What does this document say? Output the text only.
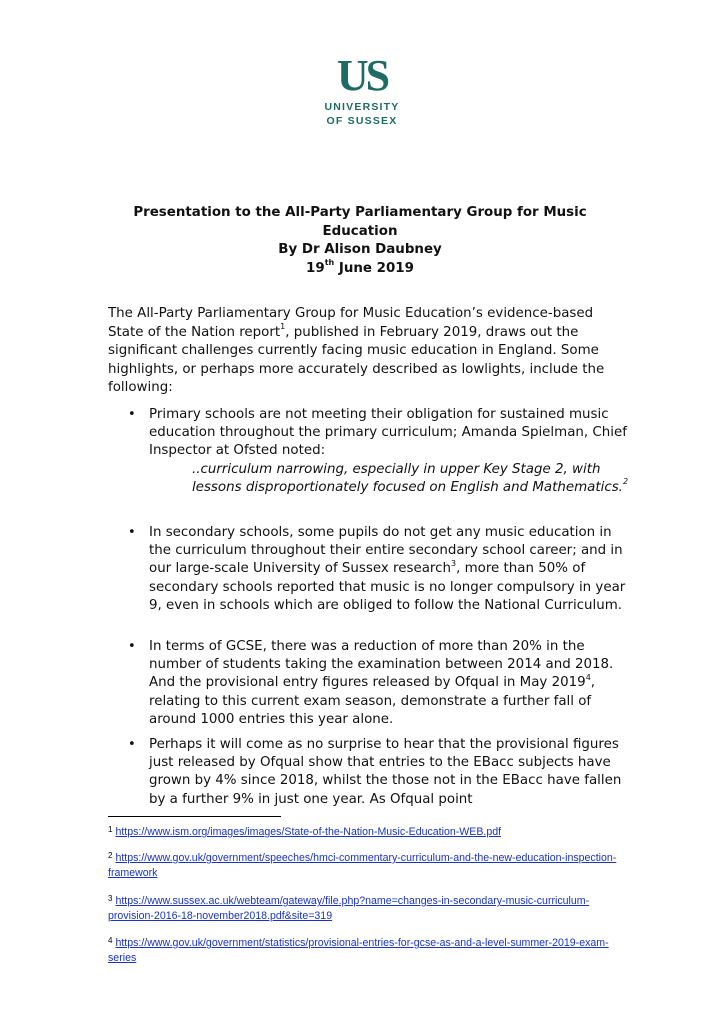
US
UNIVERSITY
OF SUSSEX
Presentation to the All-Party Parliamentary Group for Music
Education
By Dr Alison Daubney
19th June 2019
The All-Party Parliamentary Group for Music Education’s evidence-based State of the Nation report$^1$, published in February 2019, draws out the significant challenges currently facing music education in England. Some highlights, or perhaps more accurately described as lowlights, include the following:
• Primary schools are not meeting their obligation for sustained music education throughout the primary curriculum; Amanda Spielman, Chief Inspector at Ofsted noted:
..curriculum narrowing, especially in upper Key Stage 2, with lessons disproportionately focused on English and Mathematics.$^2$
• In secondary schools, some pupils do not get any music education in the curriculum throughout their entire secondary school career; and in our large-scale University of Sussex research$^3$, more than 50% of secondary schools reported that music is no longer compulsory in year 9, even in schools which are obliged to follow the National Curriculum.
• In terms of GCSE, there was a reduction of more than 20% in the number of students taking the examination between 2014 and 2018. And the provisional entry figures released by Ofqual in May 2019$^4$, relating to this current exam season, demonstrate a further fall of around 1000 entries this year alone.
• Perhaps it will come as no surprise to hear that the provisional figures just released by Ofqual show that entries to the EBacc subjects have grown by 4% since 2018, whilst the those not in the EBacc have fallen by a further 9% in just one year. As Ofqual point
$^1$ https://www.ism.org/images/images/State-of-the-Nation-Music-Education-WEB.pdf
$^2$ https://www.gov.uk/government/speeches/hmci-commentary-curriculum-and-the-new-education-inspection-framework
$^3$ https://www.sussex.ac.uk/webteam/gateway/file.php?name=changes-in-secondary-music-curriculum-provision-2016-18-november2018.pdf&site=319
$^4$ https://www.gov.uk/government/statistics/provisional-entries-for-gcse-as-and-a-level-summer-2019-exam-series
